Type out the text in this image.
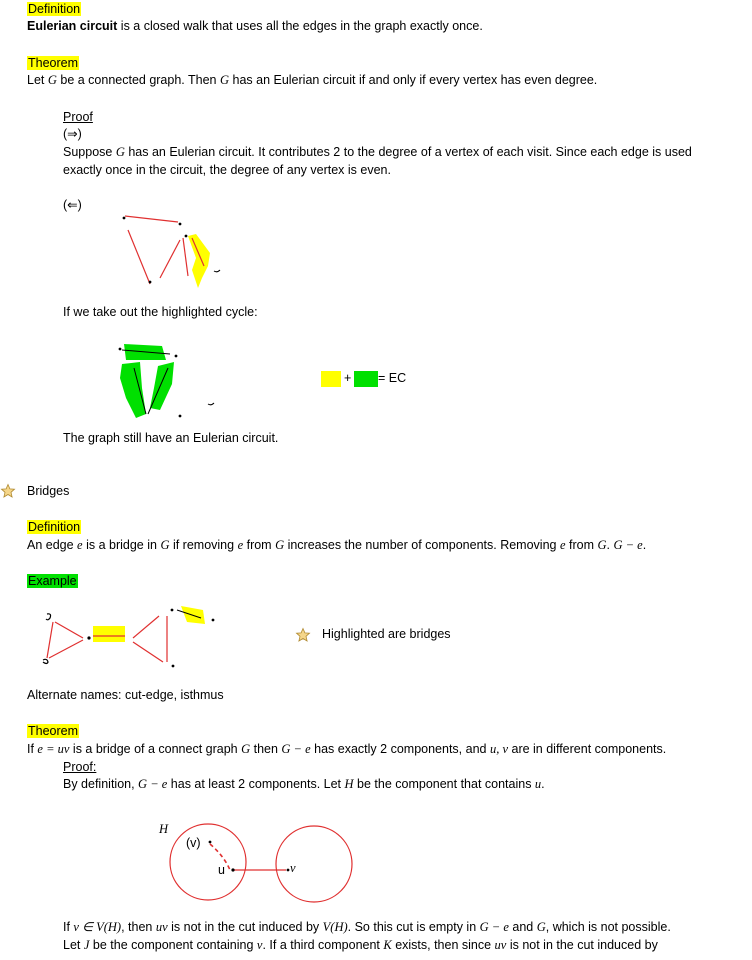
Definition
Eulerian circuit is a closed walk that uses all the edges in the graph exactly once.
Theorem
Let G be a connected graph. Then G has an Eulerian circuit if and only if every vertex has even degree.
Proof
(⇒)
Suppose G has an Eulerian circuit. It contributes 2 to the degree of a vertex of each visit. Since each edge is used
exactly once in the circuit, the degree of any vertex is even.
(⇐)
If we take out the highlighted cycle:
+ = EC
The graph still have an Eulerian circuit.
Bridges
Definition
An edge e is a bridge in G if removing e from G increases the number of components. Removing e from G. G − e.
Example
Highlighted are bridges
Alternate names: cut-edge, isthmus
Theorem
If e = uv is a bridge of a connect graph G then G − e has exactly 2 components, and u, v are in different components.
Proof:
By definition, G − e has at least 2 components. Let H be the component that contains u.
H
(v)
u	v
If v ∈ V(H), then uv is not in the cut induced by V(H). So this cut is empty in G − e and G, which is not possible.
Let J be the component containing v. If a third component K exists, then since uv is not in the cut induced by
